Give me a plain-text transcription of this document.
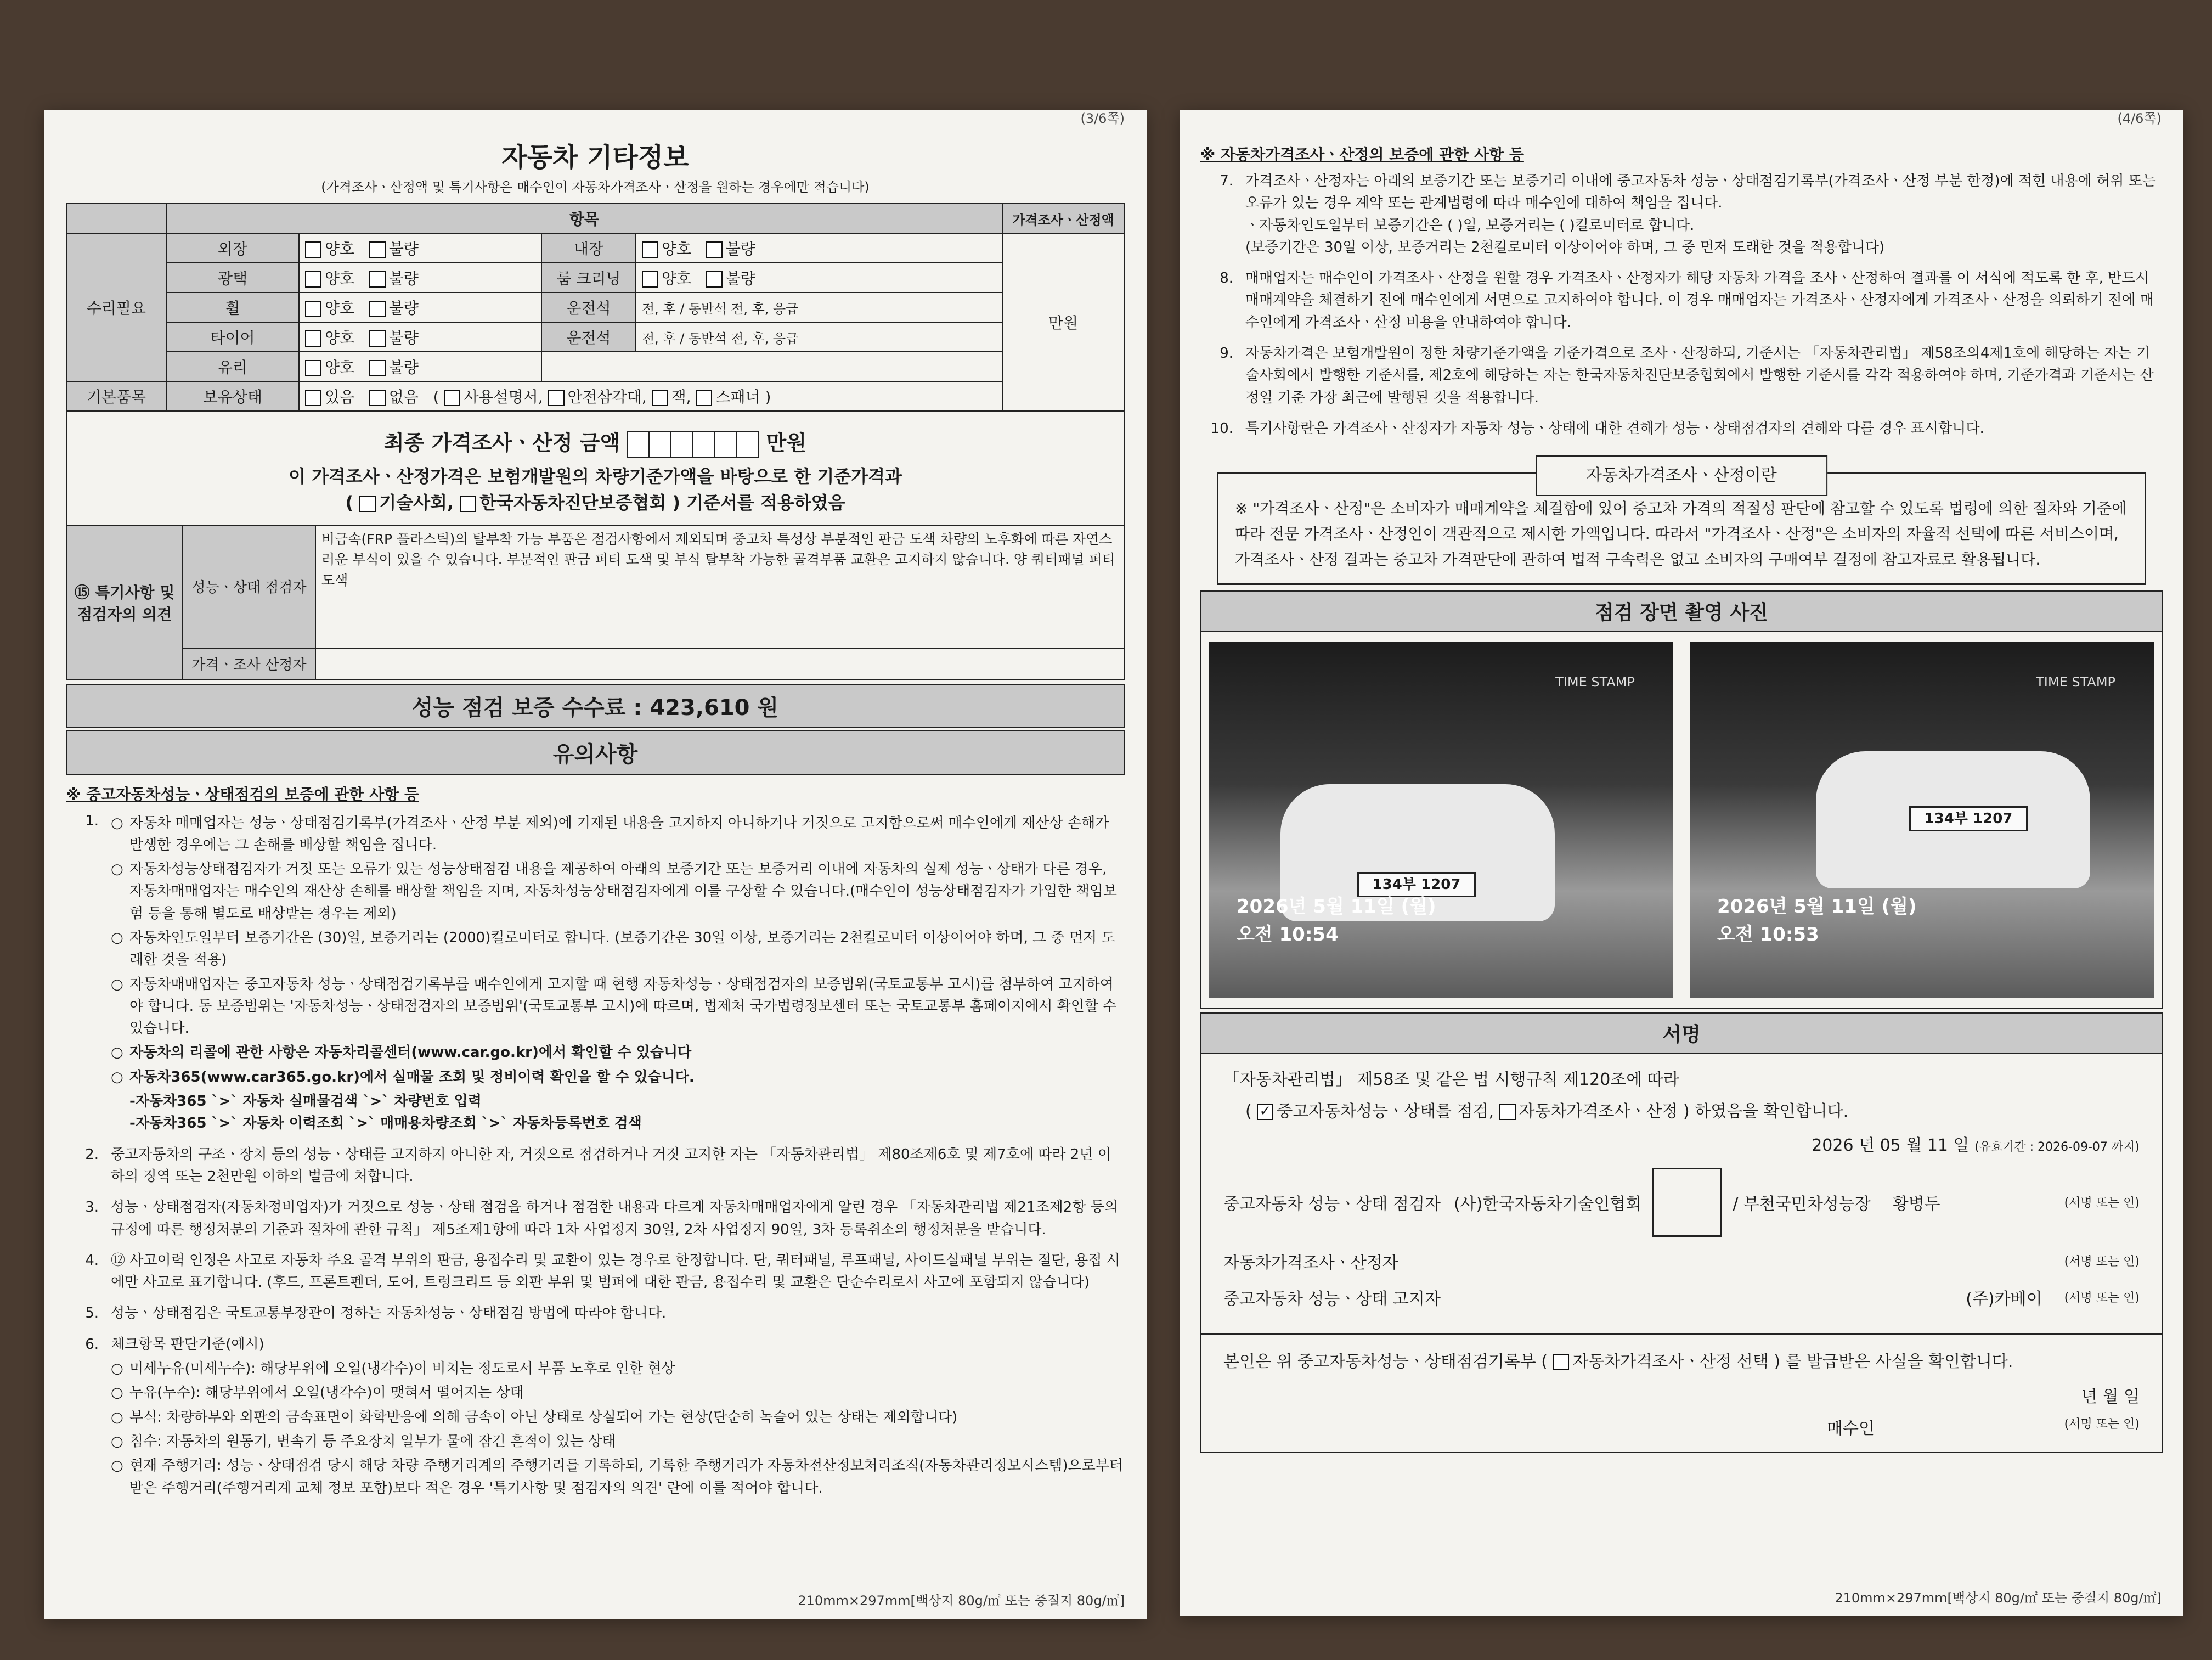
(3/6쪽)
자동차 기타정보
(가격조사ㆍ산정액 및 특기사항은 매수인이 자동차가격조사ㆍ산정을 원하는 경우에만 적습니다)
	항목				가격조사ㆍ산정액
수리필요	외장	양호 불량	내장	양호 불량	만원
	광택	양호 불량	룸 크리닝	양호 불량	
	휠	양호 불량	운전석	전, 후 / 동반석 전, 후, 응급	
	타이어	양호 불량	운전석	전, 후 / 동반석 전, 후, 응급	
	유리	양호 불량			
기본품목	보유상태	있음 없음   ( 사용설명서, 안전삼각대, 잭, 스패너 )			
최종 가격조사ㆍ산정 금액	만원
이 가격조사ㆍ산정가격은 보험개발원의 차량기준가액을 바탕으로 한 기준가격과
( 기술사회, 한국자동차진단보증협회 ) 기준서를 적용하였음
⑮ 특기사항 및 점검자의 의견	성능ㆍ상태 점검자	비금속(FRP 플라스틱)의 탈부착 가능 부품은 점검사항에서 제외되며 중고차 특성상 부분적인 판금 도색 차량의 노후화에 따른 자연스러운 부식이 있을 수 있습니다. 부분적인 판금 퍼티 도색 및 부식 탈부착 가능한 골격부품 교환은 고지하지 않습니다. 양 쿼터패널 퍼티도색
	가격ㆍ조사 산정자	
성능 점검 보증 수수료 : 423,610 원
유의사항
※ 중고자동차성능ㆍ상태점검의 보증에 관한 사항 등
1. ○ 자동차 매매업자는 성능ㆍ상태점검기록부(가격조사ㆍ산정 부분 제외)에 기재된 내용을 고지하지 아니하거나 거짓으로 고지함으로써 매수인에게 재산상 손해가 발생한 경우에는 그 손해를 배상할 책임을 집니다.
○ 자동차성능상태점검자가 거짓 또는 오류가 있는 성능상태점검 내용을 제공하여 아래의 보증기간 또는 보증거리 이내에 자동차의 실제 성능ㆍ상태가 다른 경우, 자동차매매업자는 매수인의 재산상 손해를 배상할 책임을 지며, 자동차성능상태점검자에게 이를 구상할 수 있습니다.(매수인이 성능상태점검자가 가입한 책임보험 등을 통해 별도로 배상받는 경우는 제외)
○ 자동차인도일부터 보증기간은 (30)일, 보증거리는 (2000)킬로미터로 합니다. (보증기간은 30일 이상, 보증거리는 2천킬로미터 이상이어야 하며, 그 중 먼저 도래한 것을 적용)
○ 자동차매매업자는 중고자동차 성능ㆍ상태점검기록부를 매수인에게 고지할 때 현행 자동차성능ㆍ상태점검자의 보증범위(국토교통부 고시)를 첨부하여 고지하여야 합니다. 동 보증범위는 '자동차성능ㆍ상태점검자의 보증범위'(국토교통부 고시)에 따르며, 법제처 국가법령정보센터 또는 국토교통부 홈페이지에서 확인할 수 있습니다.
○ 자동차의 리콜에 관한 사항은 자동차리콜센터(www.car.go.kr)에서 확인할 수 있습니다
○ 자동차365(www.car365.go.kr)에서 실매물 조회 및 정비이력 확인을 할 수 있습니다.
-자동차365 `>` 자동차 실매물검색 `>` 차량번호 입력
-자동차365 `>` 자동차 이력조회 `>` 매매용차량조회 `>` 자동차등록번호 검색
2. 중고자동차의 구조ㆍ장치 등의 성능ㆍ상태를 고지하지 아니한 자, 거짓으로 점검하거나 거짓 고지한 자는 「자동차관리법」 제80조제6호 및 제7호에 따라 2년 이하의 징역 또는 2천만원 이하의 벌금에 처합니다.
3. 성능ㆍ상태점검자(자동차정비업자)가 거짓으로 성능ㆍ상태 점검을 하거나 점검한 내용과 다르게 자동차매매업자에게 알린 경우 「자동차관리법 제21조제2항 등의 규정에 따른 행정처분의 기준과 절차에 관한 규칙」 제5조제1항에 따라 1차 사업정지 30일, 2차 사업정지 90일, 3차 등록취소의 행정처분을 받습니다.
4. ⑫ 사고이력 인정은 사고로 자동차 주요 골격 부위의 판금, 용접수리 및 교환이 있는 경우로 한정합니다. 단, 쿼터패널, 루프패널, 사이드실패널 부위는 절단, 용접 시에만 사고로 표기합니다. (후드, 프론트펜더, 도어, 트렁크리드 등 외판 부위 및 범퍼에 대한 판금, 용접수리 및 교환은 단순수리로서 사고에 포함되지 않습니다)
5. 성능ㆍ상태점검은 국토교통부장관이 정하는 자동차성능ㆍ상태점검 방법에 따라야 합니다.
6. 체크항목 판단기준(예시)
○ 미세누유(미세누수): 해당부위에 오일(냉각수)이 비치는 정도로서 부품 노후로 인한 현상
○ 누유(누수): 해당부위에서 오일(냉각수)이 맺혀서 떨어지는 상태
○ 부식: 차량하부와 외판의 금속표면이 화학반응에 의해 금속이 아닌 상태로 상실되어 가는 현상(단순히 녹슬어 있는 상태는 제외합니다)
○ 침수: 자동차의 원동기, 변속기 등 주요장치 일부가 물에 잠긴 흔적이 있는 상태
○ 현재 주행거리: 성능ㆍ상태점검 당시 해당 차량 주행거리계의 주행거리를 기록하되, 기록한 주행거리가 자동차전산정보처리조직(자동차관리정보시스템)으로부터 받은 주행거리(주행거리계 교체 정보 포함)보다 적은 경우 '특기사항 및 점검자의 의견' 란에 이를 적어야 합니다.
210mm×297mm[백상지 80g/㎡ 또는 중질지 80g/㎡]
(4/6쪽)
※ 자동차가격조사ㆍ산정의 보증에 관한 사항 등
7. 가격조사ㆍ산정자는 아래의 보증기간 또는 보증거리 이내에 중고자동차 성능ㆍ상태점검기록부(가격조사ㆍ산정 부분 한정)에 적힌 내용에 허위 또는 오류가 있는 경우 계약 또는 관계법령에 따라 매수인에 대하여 책임을 집니다.
ㆍ자동차인도일부터 보증기간은 ( )일, 보증거리는 ( )킬로미터로 합니다.
(보증기간은 30일 이상, 보증거리는 2천킬로미터 이상이어야 하며, 그 중 먼저 도래한 것을 적용합니다)
8. 매매업자는 매수인이 가격조사ㆍ산정을 원할 경우 가격조사ㆍ산정자가 해당 자동차 가격을 조사ㆍ산정하여 결과를 이 서식에 적도록 한 후, 반드시 매매계약을 체결하기 전에 매수인에게 서면으로 고지하여야 합니다. 이 경우 매매업자는 가격조사ㆍ산정자에게 가격조사ㆍ산정을 의뢰하기 전에 매수인에게 가격조사ㆍ산정 비용을 안내하여야 합니다.
9. 자동차가격은 보험개발원이 정한 차량기준가액을 기준가격으로 조사ㆍ산정하되, 기준서는 「자동차관리법」 제58조의4제1호에 해당하는 자는 기술사회에서 발행한 기준서를, 제2호에 해당하는 자는 한국자동차진단보증협회에서 발행한 기준서를 각각 적용하여야 하며, 기준가격과 기준서는 산정일 기준 가장 최근에 발행된 것을 적용합니다.
10. 특기사항란은 가격조사ㆍ산정자가 자동차 성능ㆍ상태에 대한 견해가 성능ㆍ상태점검자의 견해와 다를 경우 표시합니다.
자동차가격조사ㆍ산정이란
※ "가격조사ㆍ산정"은 소비자가 매매계약을 체결함에 있어 중고차 가격의 적절성 판단에 참고할 수 있도록 법령에 의한 절차와 기준에 따라 전문 가격조사ㆍ산정인이 객관적으로 제시한 가액입니다. 따라서 "가격조사ㆍ산정"은 소비자의 자율적 선택에 따른 서비스이며, 가격조사ㆍ산정 결과는 중고차 가격판단에 관하여 법적 구속력은 없고 소비자의 구매여부 결정에 참고자료로 활용됩니다.
점검 장면 촬영 사진
TIME STAMP
134부 1207
2026년 5월 11일 (월)
오전 10:54
TIME STAMP
134부 1207
2026년 5월 11일 (월)
오전 10:53
서명
「자동차관리법」 제58조 및 같은 법 시행규칙 제120조에 따라
( ✓중고자동차성능ㆍ상태를 점검, 자동차가격조사ㆍ산정 ) 하였음을 확인합니다.
2026 년 05 월 11 일 (유효기간 : 2026-09-07 까지)
중고자동차 성능ㆍ상태 점검자 (사)한국자동차기술인협회	/ 부천국민차성능장 황병두	(서명 또는 인)
자동차가격조사ㆍ산정자	(서명 또는 인)
중고자동차 성능ㆍ상태 고지자	(주)카베이 (서명 또는 인)
본인은 위 중고자동차성능ㆍ상태점검기록부 ( 자동차가격조사ㆍ산정 선택 ) 를 발급받은 사실을 확인합니다.
년 월 일
매수인	(서명 또는 인)
210mm×297mm[백상지 80g/㎡ 또는 중질지 80g/㎡]
